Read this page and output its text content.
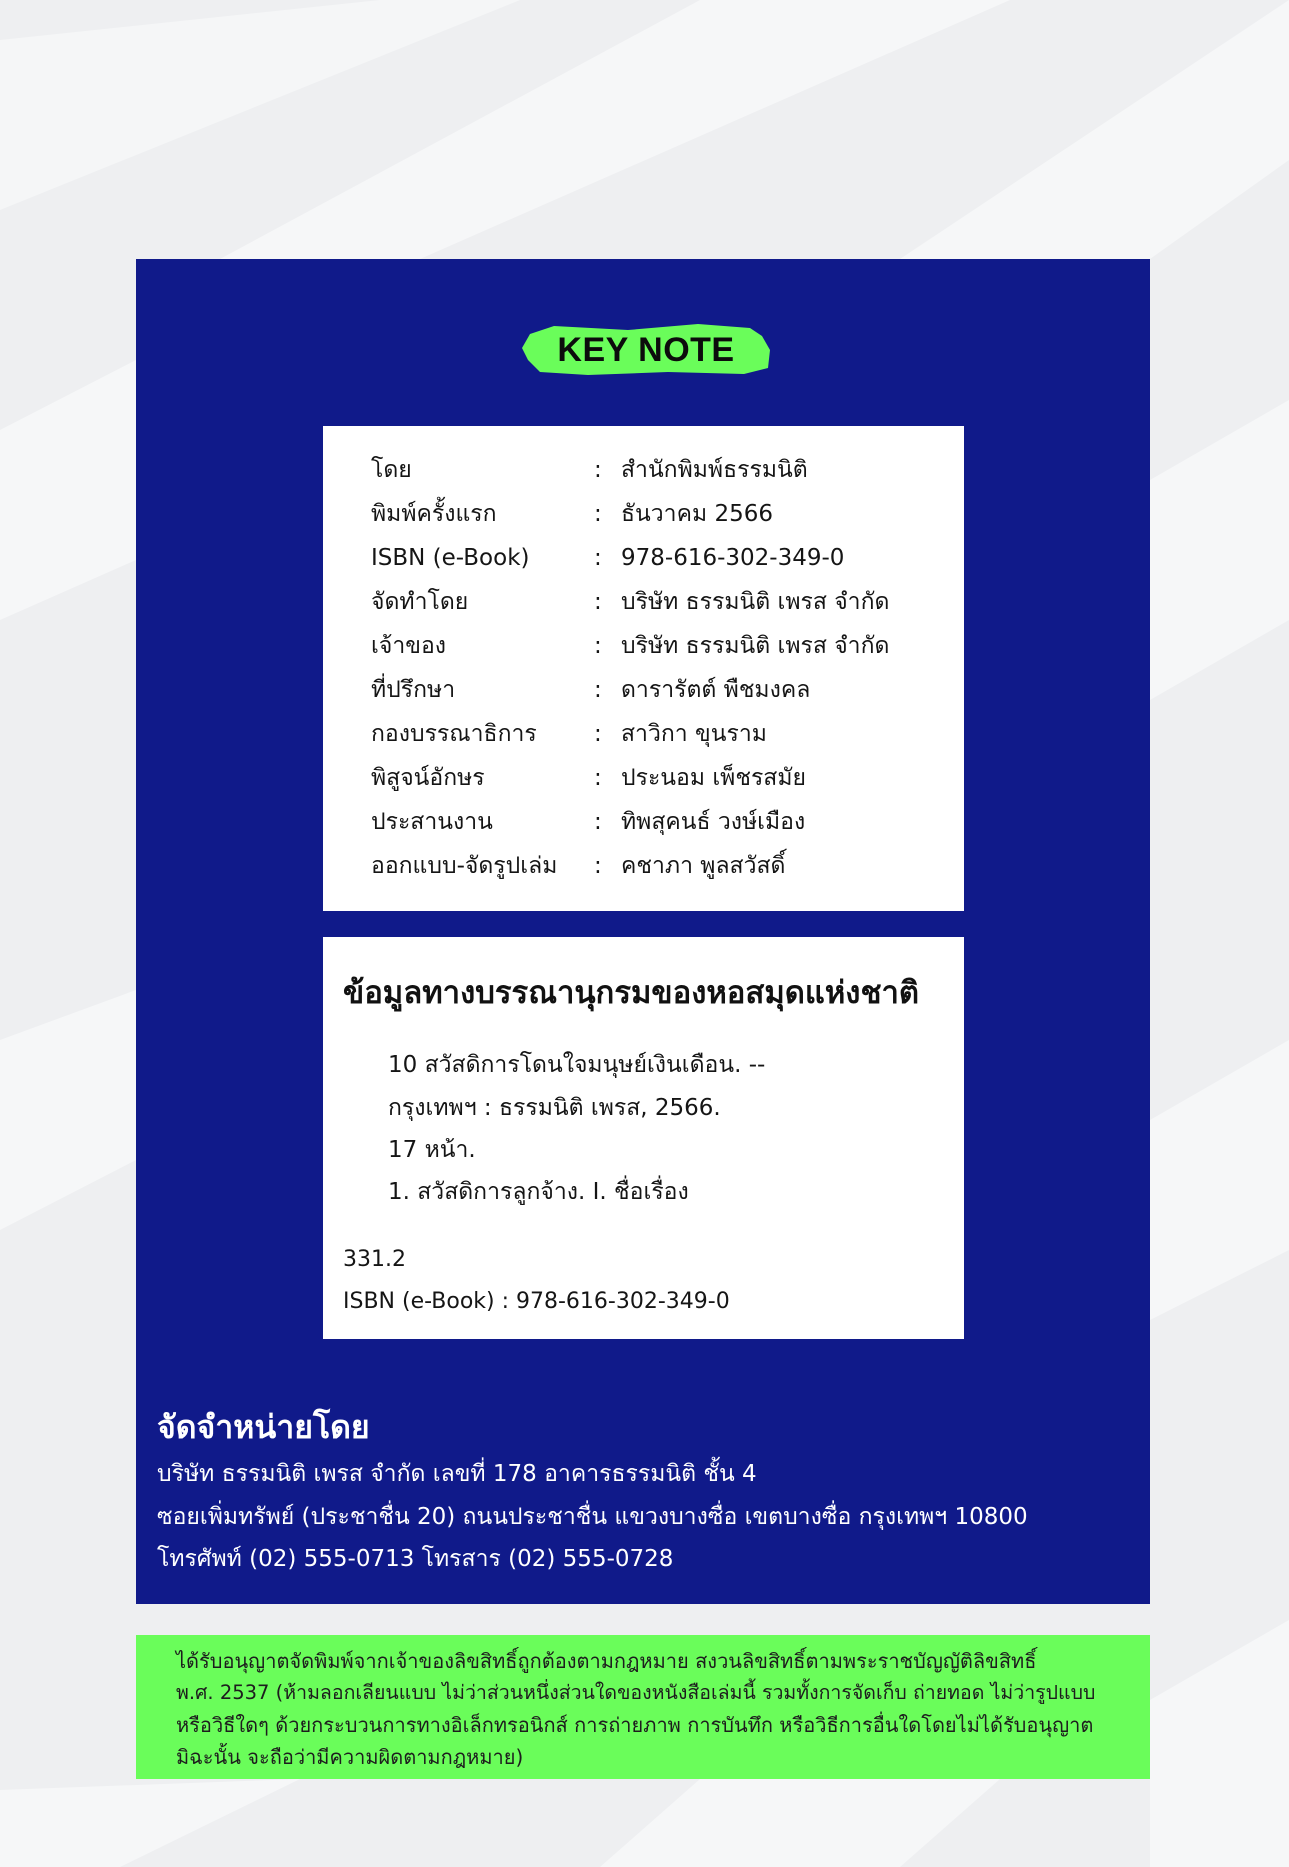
KEY NOTE
โดย	: สำนักพิมพ์ธรรมนิติ
พิมพ์ครั้งแรก	: ธันวาคม 2566
ISBN (e-Book)	: 978-616-302-349-0
จัดทำโดย	: บริษัท ธรรมนิติ เพรส จำกัด
เจ้าของ	: บริษัท ธรรมนิติ เพรส จำกัด
ที่ปรึกษา	: ดารารัตต์ พืชมงคล
กองบรรณาธิการ : สาวิกา ขุนราม
พิสูจน์อักษร	: ประนอม เพ็ชรสมัย
ประสานงาน	: ทิพสุคนธ์ วงษ์เมือง
ออกแบบ-จัดรูปเล่ม : คชาภา พูลสวัสดิ์
ข้อมูลทางบรรณานุกรมของหอสมุดแห่งชาติ
10 สวัสดิการโดนใจมนุษย์เงินเดือน. --
กรุงเทพฯ : ธรรมนิติ เพรส, 2566.
17 หน้า.
1. สวัสดิการลูกจ้าง. I. ชื่อเรื่อง
331.2
ISBN (e-Book) : 978-616-302-349-0
จัดจำหน่ายโดย
บริษัท ธรรมนิติ เพรส จำกัด เลขที่ 178 อาคารธรรมนิติ ชั้น 4
ซอยเพิ่มทรัพย์ (ประชาชื่น 20) ถนนประชาชื่น แขวงบางซื่อ เขตบางซื่อ กรุงเทพฯ 10800
โทรศัพท์ (02) 555-0713 โทรสาร (02) 555-0728
ได้รับอนุญาตจัดพิมพ์จากเจ้าของลิขสิทธิ์ถูกต้องตามกฎหมาย สงวนลิขสิทธิ์ตามพระราชบัญญัติลิขสิทธิ์
พ.ศ. 2537 (ห้ามลอกเลียนแบบ ไม่ว่าส่วนหนึ่งส่วนใดของหนังสือเล่มนี้ รวมทั้งการจัดเก็บ ถ่ายทอด ไม่ว่ารูปแบบ
หรือวิธีใดๆ ด้วยกระบวนการทางอิเล็กทรอนิกส์ การถ่ายภาพ การบันทึก หรือวิธีการอื่นใดโดยไม่ได้รับอนุญาต
มิฉะนั้น จะถือว่ามีความผิดตามกฎหมาย)
